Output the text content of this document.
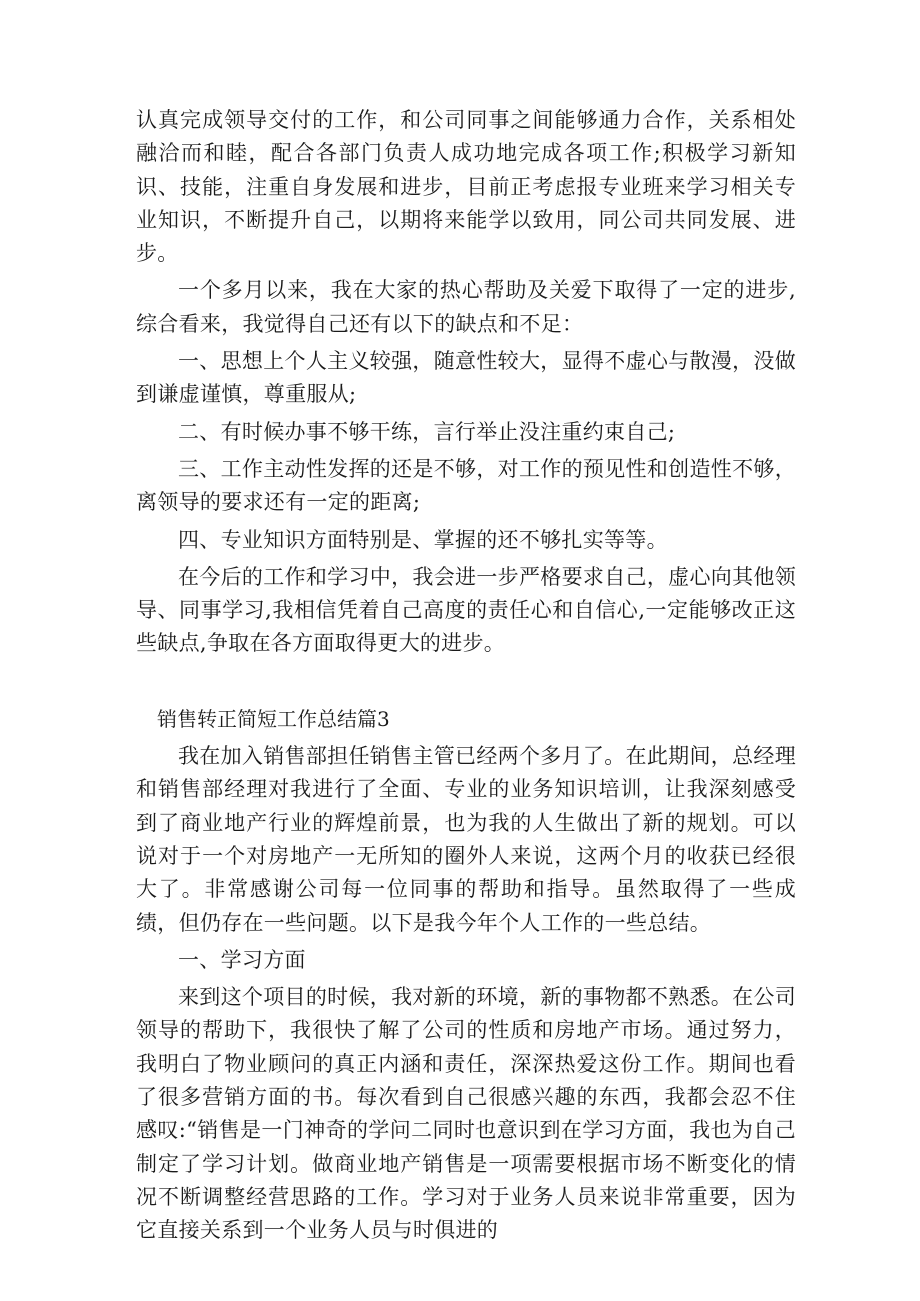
认真完成领导交付的工作，和公司同事之间能够通力合作，关系相处融洽而和睦，配合各部门负责人成功地完成各项工作;积极学习新知识、技能，注重自身发展和进步，目前正考虑报专业班来学习相关专业知识，不断提升自己，以期将来能学以致用，同公司共同发展、进步。

一个多月以来，我在大家的热心帮助及关爱下取得了一定的进步,综合看来，我觉得自己还有以下的缺点和不足：

一、思想上个人主义较强，随意性较大，显得不虚心与散漫，没做到谦虚谨慎，尊重服从;

二、有时候办事不够干练，言行举止没注重约束自己;

三、工作主动性发挥的还是不够，对工作的预见性和创造性不够，离领导的要求还有一定的距离;

四、专业知识方面特别是、掌握的还不够扎实等等。

在今后的工作和学习中，我会进一步严格要求自己，虚心向其他领导、同事学习,我相信凭着自己高度的责任心和自信心,一定能够改正这些缺点,争取在各方面取得更大的进步。

销售转正简短工作总结篇3

我在加入销售部担任销售主管已经两个多月了。在此期间，总经理和销售部经理对我进行了全面、专业的业务知识培训，让我深刻感受到了商业地产行业的辉煌前景，也为我的人生做出了新的规划。可以说对于一个对房地产一无所知的圈外人来说，这两个月的收获已经很大了。非常感谢公司每一位同事的帮助和指导。虽然取得了一些成绩，但仍存在一些问题。以下是我今年个人工作的一些总结。

一、学习方面

来到这个项目的时候，我对新的环境，新的事物都不熟悉。在公司领导的帮助下，我很快了解了公司的性质和房地产市场。通过努力，我明白了物业顾问的真正内涵和责任，深深热爱这份工作。期间也看了很多营销方面的书。每次看到自己很感兴趣的东西，我都会忍不住感叹:“销售是一门神奇的学问二同时也意识到在学习方面，我也为自己制定了学习计划。做商业地产销售是一项需要根据市场不断变化的情况不断调整经营思路的工作。学习对于业务人员来说非常重要，因为它直接关系到一个业务人员与时俱进的
